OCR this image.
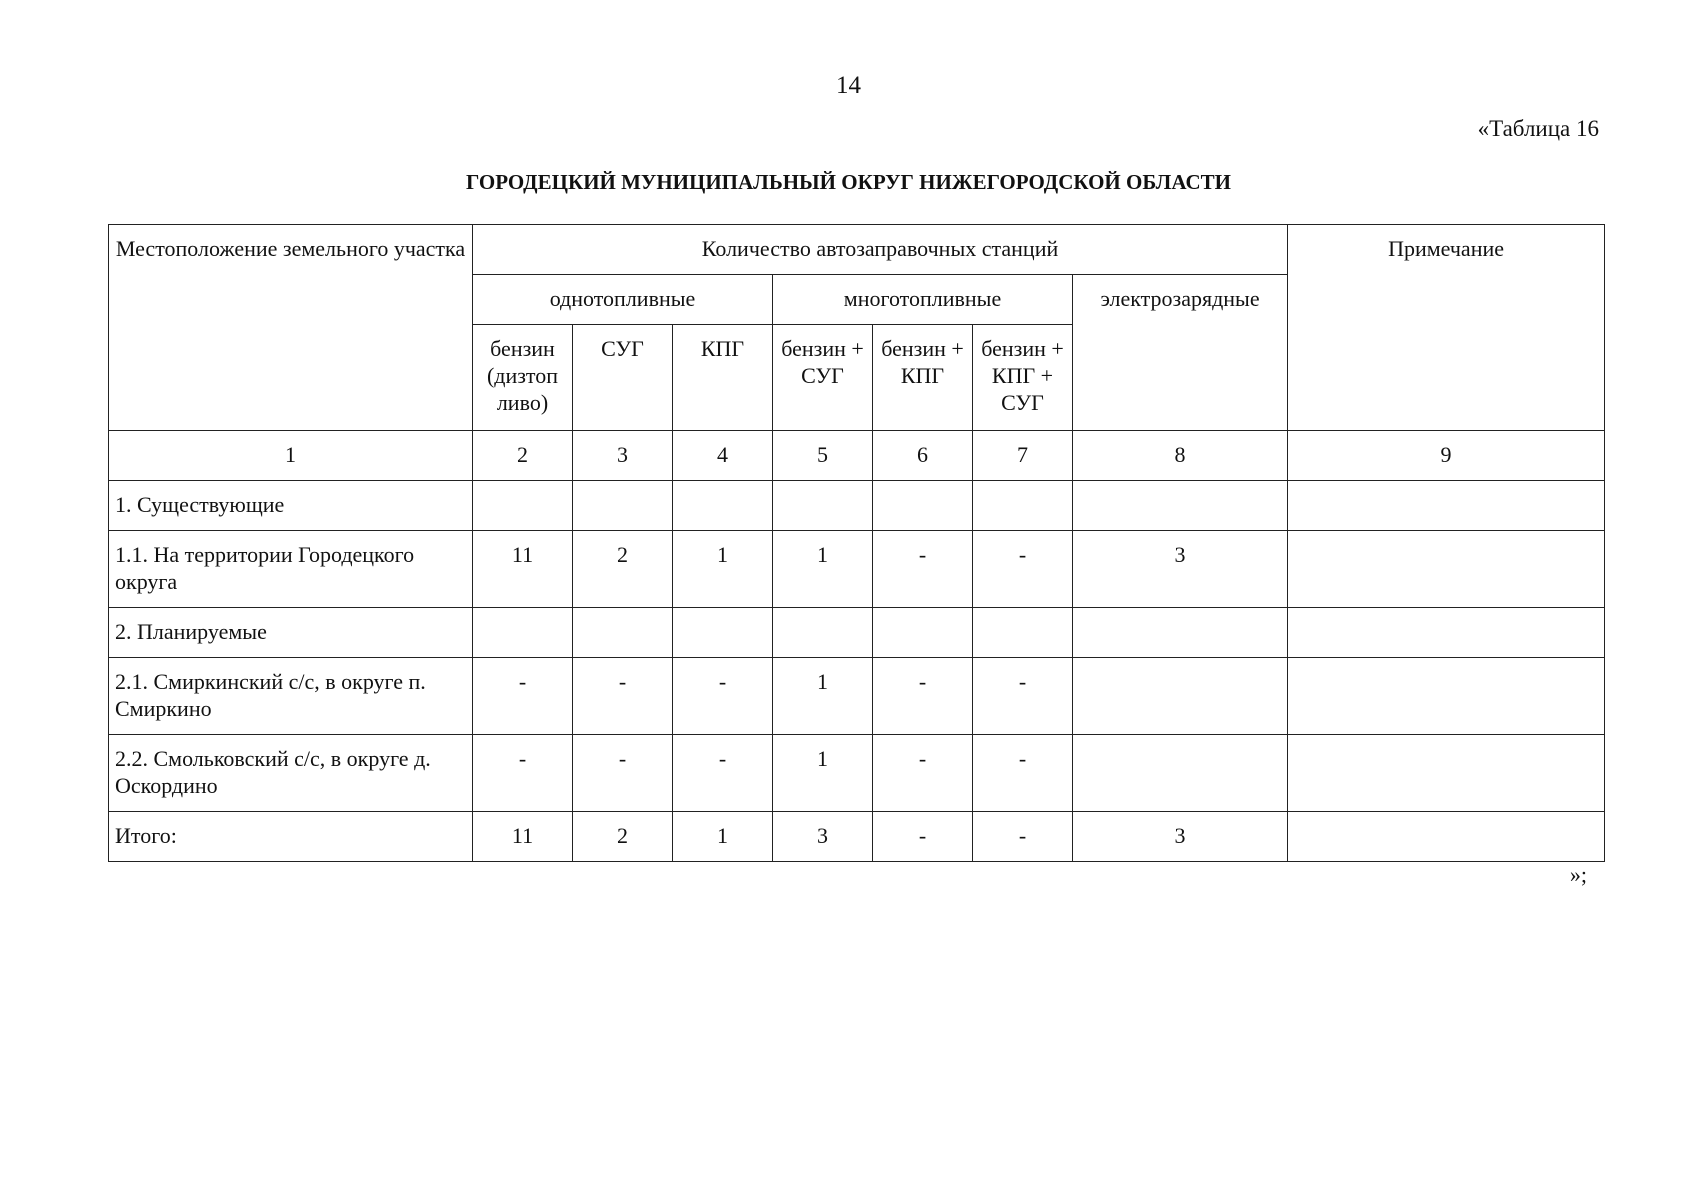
14
«Таблица 16
ГОРОДЕЦКИЙ МУНИЦИПАЛЬНЫЙ ОКРУГ НИЖЕГОРОДСКОЙ ОБЛАСТИ
Местоположение земельного участка	Количество автозаправочных станций							Примечание
	однотопливные			многотопливные			электрозарядные	
	бензин (дизтоп ливо)	СУГ	КПГ	бензин + СУГ	бензин + КПГ	бензин + КПГ + СУГ		
1	2	3	4	5	6	7	8	9
1. Существующие								
1.1. На территории Городецкого округа	11	2	1	1	-	-	3	
2. Планируемые								
2.1. Смиркинский с/с, в округе п. Смиркино	-	-	-	1	-	-		
2.2. Смольковский с/с, в округе д. Оскордино	-	-	-	1	-	-		
Итого:	11	2	1	3	-	-	3	
»;
